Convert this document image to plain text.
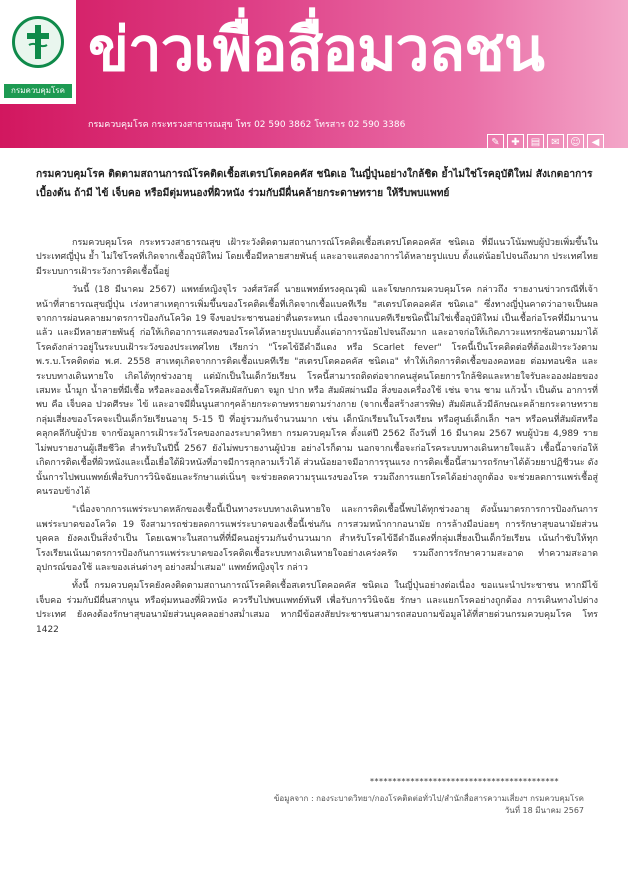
กรมควบคุมโรค
ข่าวเพื่อสื่อมวลชน
กรมควบคุมโรค กระทรวงสาธารณสุข โทร 02 590 3862 โทรสาร 02 590 3386
✎	✚	▤	✉	☺	◀
กรมควบคุมโรค ติดตามสถานการณ์โรคติดเชื้อสเตรปโตคอคคัส ชนิดเอ ในญี่ปุ่นอย่างใกล้ชิด ย้ำไม่ใช่โรคอุบัติใหม่ สังเกตอาการเบื้องต้น ถ้ามี ไข้ เจ็บคอ หรือมีตุ่มหนองที่ผิวหนัง ร่วมกับมีผื่นคล้ายกระดาษทราย ให้รีบพบแพทย์

กรมควบคุมโรค กระทรวงสาธารณสุข เฝ้าระวังติดตามสถานการณ์โรคติดเชื้อสเตรปโตคอคคัส ชนิดเอ ที่มีแนวโน้มพบผู้ป่วยเพิ่มขึ้นในประเทศญี่ปุ่น ย้ำ ไม่ใช่โรคที่เกิดจากเชื้ออุบัติใหม่ โดยเชื้อมีหลายสายพันธุ์ และอาจแสดงอาการได้หลายรูปแบบ ตั้งแต่น้อยไปจนถึงมาก ประเทศไทยมีระบบการเฝ้าระวังการติดเชื้อนี้อยู่

วันนี้ (18 มีนาคม 2567) แพทย์หญิงจุไร วงศ์สวัสดิ์ นายแพทย์ทรงคุณวุฒิ และโฆษกกรมควบคุมโรค กล่าวถึง รายงานข่าวกรณีที่เจ้าหน้าที่สาธารณสุขญี่ปุ่น เร่งหาสาเหตุการเพิ่มขึ้นของโรคติดเชื้อที่เกิดจากเชื้อแบคทีเรีย "สเตรปโตคอคคัส ชนิดเอ" ซึ่งทางญี่ปุ่นคาดว่าอาจเป็นผลจากการผ่อนคลายมาตรการป้องกันโควิด 19 จึงขอประชาชนอย่าตื่นตระหนก เนื่องจากแบคทีเรียชนิดนี้ไม่ใช่เชื้ออุบัติใหม่ เป็นเชื้อก่อโรคที่มีมานานแล้ว และมีหลายสายพันธุ์ ก่อให้เกิดอาการแสดงของโรคได้หลายรูปแบบตั้งแต่อาการน้อยไปจนถึงมาก และอาจก่อให้เกิดภาวะแทรกซ้อนตามมาได้ โรคดังกล่าวอยู่ในระบบเฝ้าระวังของประเทศไทย เรียกว่า "โรคไข้อีดำอีแดง หรือ Scarlet fever" โรคนี้เป็นโรคติดต่อที่ต้องเฝ้าระวังตาม พ.ร.บ.โรคติดต่อ พ.ศ. 2558 สาเหตุเกิดจากการติดเชื้อแบคทีเรีย "สเตรปโตคอคคัส ชนิดเอ" ทำให้เกิดการติดเชื้อของคอหอย ต่อมทอนซิล และระบบทางเดินหายใจ เกิดได้ทุกช่วงอายุ แต่มักเป็นในเด็กวัยเรียน โรคนี้สามารถติดต่อจากคนสู่คนโดยการใกล้ชิดและหายใจรับละอองฝอยของเสมหะ น้ำมูก น้ำลายที่มีเชื้อ หรือละอองเชื้อโรคสัมผัสกับตา จมูก ปาก หรือ สัมผัสผ่านมือ สิ่งของเครื่องใช้ เช่น จาน ชาม แก้วน้ำ เป็นต้น อาการที่พบ คือ เจ็บคอ ปวดศีรษะ ไข้ และอาจมีผื่นนูนสากๆคล้ายกระดาษทรายตามร่างกาย (จากเชื้อสร้างสารพิษ) สัมผัสแล้วมีลักษณะคล้ายกระดาษทราย กลุ่มเสี่ยงของโรคจะเป็นเด็กวัยเรียนอายุ 5-15 ปี ที่อยู่รวมกันจำนวนมาก เช่น เด็กนักเรียนในโรงเรียน หรือศูนย์เด็กเล็ก ฯลฯ หรือคนที่สัมผัสหรือคลุกคลีกับผู้ป่วย จากข้อมูลการเฝ้าระวังโรคของกองระบาดวิทยา กรมควบคุมโรค ตั้งแต่ปี 2562 ถึงวันที่ 16 มีนาคม 2567 พบผู้ป่วย 4,989 ราย ไม่พบรายงานผู้เสียชีวิต สำหรับในปีนี้ 2567 ยังไม่พบรายงานผู้ป่วย อย่างไรก็ตาม นอกจากเชื้อจะก่อโรคระบบทางเดินหายใจแล้ว เชื้อนี้อาจก่อให้เกิดการติดเชื้อที่ผิวหนังและเนื้อเยื่อใต้ผิวหนังที่อาจมีการลุกลามเร็วได้ ส่วนน้อยอาจมีอาการรุนแรง การติดเชื้อนี้สามารถรักษาได้ด้วยยาปฏิชีวนะ ดังนั้นการไปพบแพทย์เพื่อรับการวินิจฉัยและรักษาแต่เนิ่นๆ จะช่วยลดความรุนแรงของโรค รวมถึงการแยกโรคได้อย่างถูกต้อง จะช่วยลดการแพร่เชื้อสู่คนรอบข้างได้

"เนื่องจากการแพร่ระบาดหลักของเชื้อนี้เป็นทางระบบทางเดินหายใจ และการติดเชื้อนี้พบได้ทุกช่วงอายุ ดังนั้นมาตรการการป้องกันการแพร่ระบาดของโควิด 19 จึงสามารถช่วยลดการแพร่ระบาดของเชื้อนี้เช่นกัน การสวมหน้ากากอนามัย การล้างมือบ่อยๆ การรักษาสุขอนามัยส่วนบุคคล ยังคงเป็นสิ่งจำเป็น โดยเฉพาะในสถานที่ที่มีคนอยู่รวมกันจำนวนมาก สำหรับโรคไข้อีดำอีแดงที่กลุ่มเสี่ยงเป็นเด็กวัยเรียน เน้นกำชับให้ทุกโรงเรียนเน้นมาตรการป้องกันการแพร่ระบาดของโรคติดเชื้อระบบทางเดินหายใจอย่างเคร่งครัด รวมถึงการรักษาความสะอาด ทำความสะอาดอุปกรณ์ของใช้ และของเล่นต่างๆ อย่างสม่ำเสมอ" แพทย์หญิงจุไร กล่าว

ทั้งนี้ กรมควบคุมโรคยังคงติดตามสถานการณ์โรคติดเชื้อสเตรปโตคอคคัส ชนิดเอ ในญี่ปุ่นอย่างต่อเนื่อง ขอแนะนำประชาชน หากมีไข้ เจ็บคอ ร่วมกับมีผื่นสากนูน หรือตุ่มหนองที่ผิวหนัง ควรรีบไปพบแพทย์ทันที เพื่อรับการวินิจฉัย รักษา และแยกโรคอย่างถูกต้อง การเดินทางไปต่างประเทศ ยังคงต้องรักษาสุขอนามัยส่วนบุคคลอย่างสม่ำเสมอ หากมีข้อสงสัยประชาชนสามารถสอบถามข้อมูลได้ที่สายด่วนกรมควบคุมโรค โทร 1422

******************************************
ข้อมูลจาก : กองระบาดวิทยา/กองโรคติดต่อทั่วไป/สำนักสื่อสารความเสี่ยงฯ กรมควบคุมโรค
วันที่ 18 มีนาคม 2567
